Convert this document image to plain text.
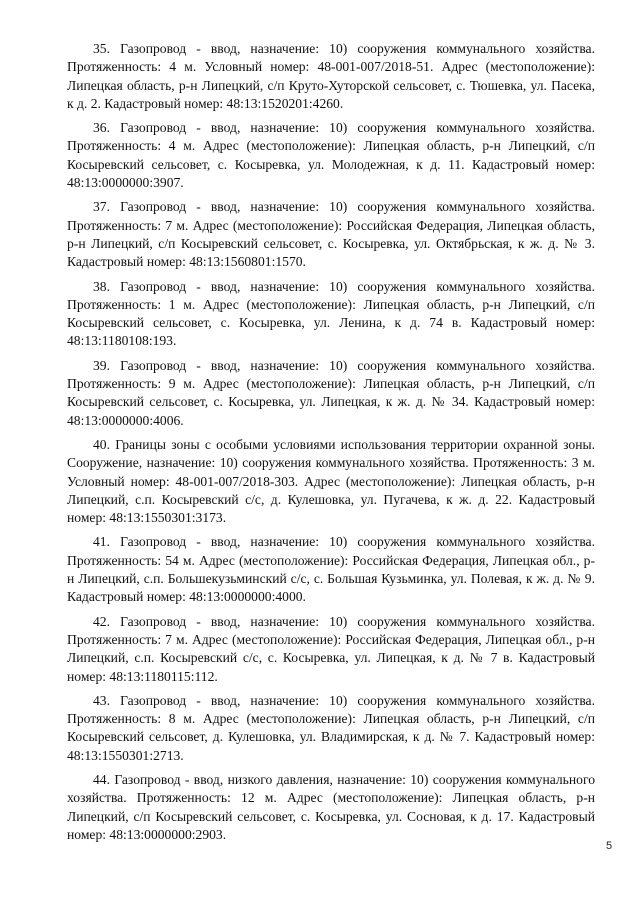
35. Газопровод - ввод, назначение: 10) сооружения коммунального хозяйства. Протяженность: 4 м. Условный номер: 48-001-007/2018-51. Адрес (местоположение): Липецкая область, р-н Липецкий, с/п Круто-Хуторской сельсовет, с. Тюшевка, ул. Пасека, к д. 2. Кадастровый номер: 48:13:1520201:4260.

36. Газопровод - ввод, назначение: 10) сооружения коммунального хозяйства. Протяженность: 4 м. Адрес (местоположение): Липецкая область, р-н Липецкий, с/п Косыревский сельсовет, с. Косыревка, ул. Молодежная, к д. 11. Кадастровый номер: 48:13:0000000:3907.

37. Газопровод - ввод, назначение: 10) сооружения коммунального хозяйства. Протяженность: 7 м. Адрес (местоположение): Российская Федерация, Липецкая область, р-н Липецкий, с/п Косыревский сельсовет, с. Косыревка, ул. Октябрьская, к ж. д. № 3. Кадастровый номер: 48:13:1560801:1570.

38. Газопровод - ввод, назначение: 10) сооружения коммунального хозяйства. Протяженность: 1 м. Адрес (местоположение): Липецкая область, р-н Липецкий, с/п Косыревский сельсовет, с. Косыревка, ул. Ленина, к д. 74 в. Кадастровый номер: 48:13:1180108:193.

39. Газопровод - ввод, назначение: 10) сооружения коммунального хозяйства. Протяженность: 9 м. Адрес (местоположение): Липецкая область, р-н Липецкий, с/п Косыревский сельсовет, с. Косыревка, ул. Липецкая, к ж. д. № 34. Кадастровый номер: 48:13:0000000:4006.

40. Границы зоны с особыми условиями использования территории охранной зоны. Сооружение, назначение: 10) сооружения коммунального хозяйства. Протяженность: 3 м. Условный номер: 48-001-007/2018-303. Адрес (местоположение): Липецкая область, р-н Липецкий, с.п. Косыревский с/с, д. Кулешовка, ул. Пугачева, к ж. д. 22. Кадастровый номер: 48:13:1550301:3173.

41. Газопровод - ввод, назначение: 10) сооружения коммунального хозяйства. Протяженность: 54 м. Адрес (местоположение): Российская Федерация, Липецкая обл., р-н Липецкий, с.п. Большекузьминский с/с, с. Большая Кузьминка, ул. Полевая, к ж. д. № 9. Кадастровый номер: 48:13:0000000:4000.

42. Газопровод - ввод, назначение: 10) сооружения коммунального хозяйства. Протяженность: 7 м. Адрес (местоположение): Российская Федерация, Липецкая обл., р-н Липецкий, с.п. Косыревский с/с, с. Косыревка, ул. Липецкая, к д. № 7 в. Кадастровый номер: 48:13:1180115:112.

43. Газопровод - ввод, назначение: 10) сооружения коммунального хозяйства. Протяженность: 8 м. Адрес (местоположение): Липецкая область, р-н Липецкий, с/п Косыревский сельсовет, д. Кулешовка, ул. Владимирская, к д. № 7. Кадастровый номер: 48:13:1550301:2713.

44. Газопровод - ввод, низкого давления, назначение: 10) сооружения коммунального хозяйства. Протяженность: 12 м. Адрес (местоположение): Липецкая область, р-н Липецкий, с/п Косыревский сельсовет, с. Косыревка, ул. Сосновая, к д. 17. Кадастровый номер: 48:13:0000000:2903.

5
